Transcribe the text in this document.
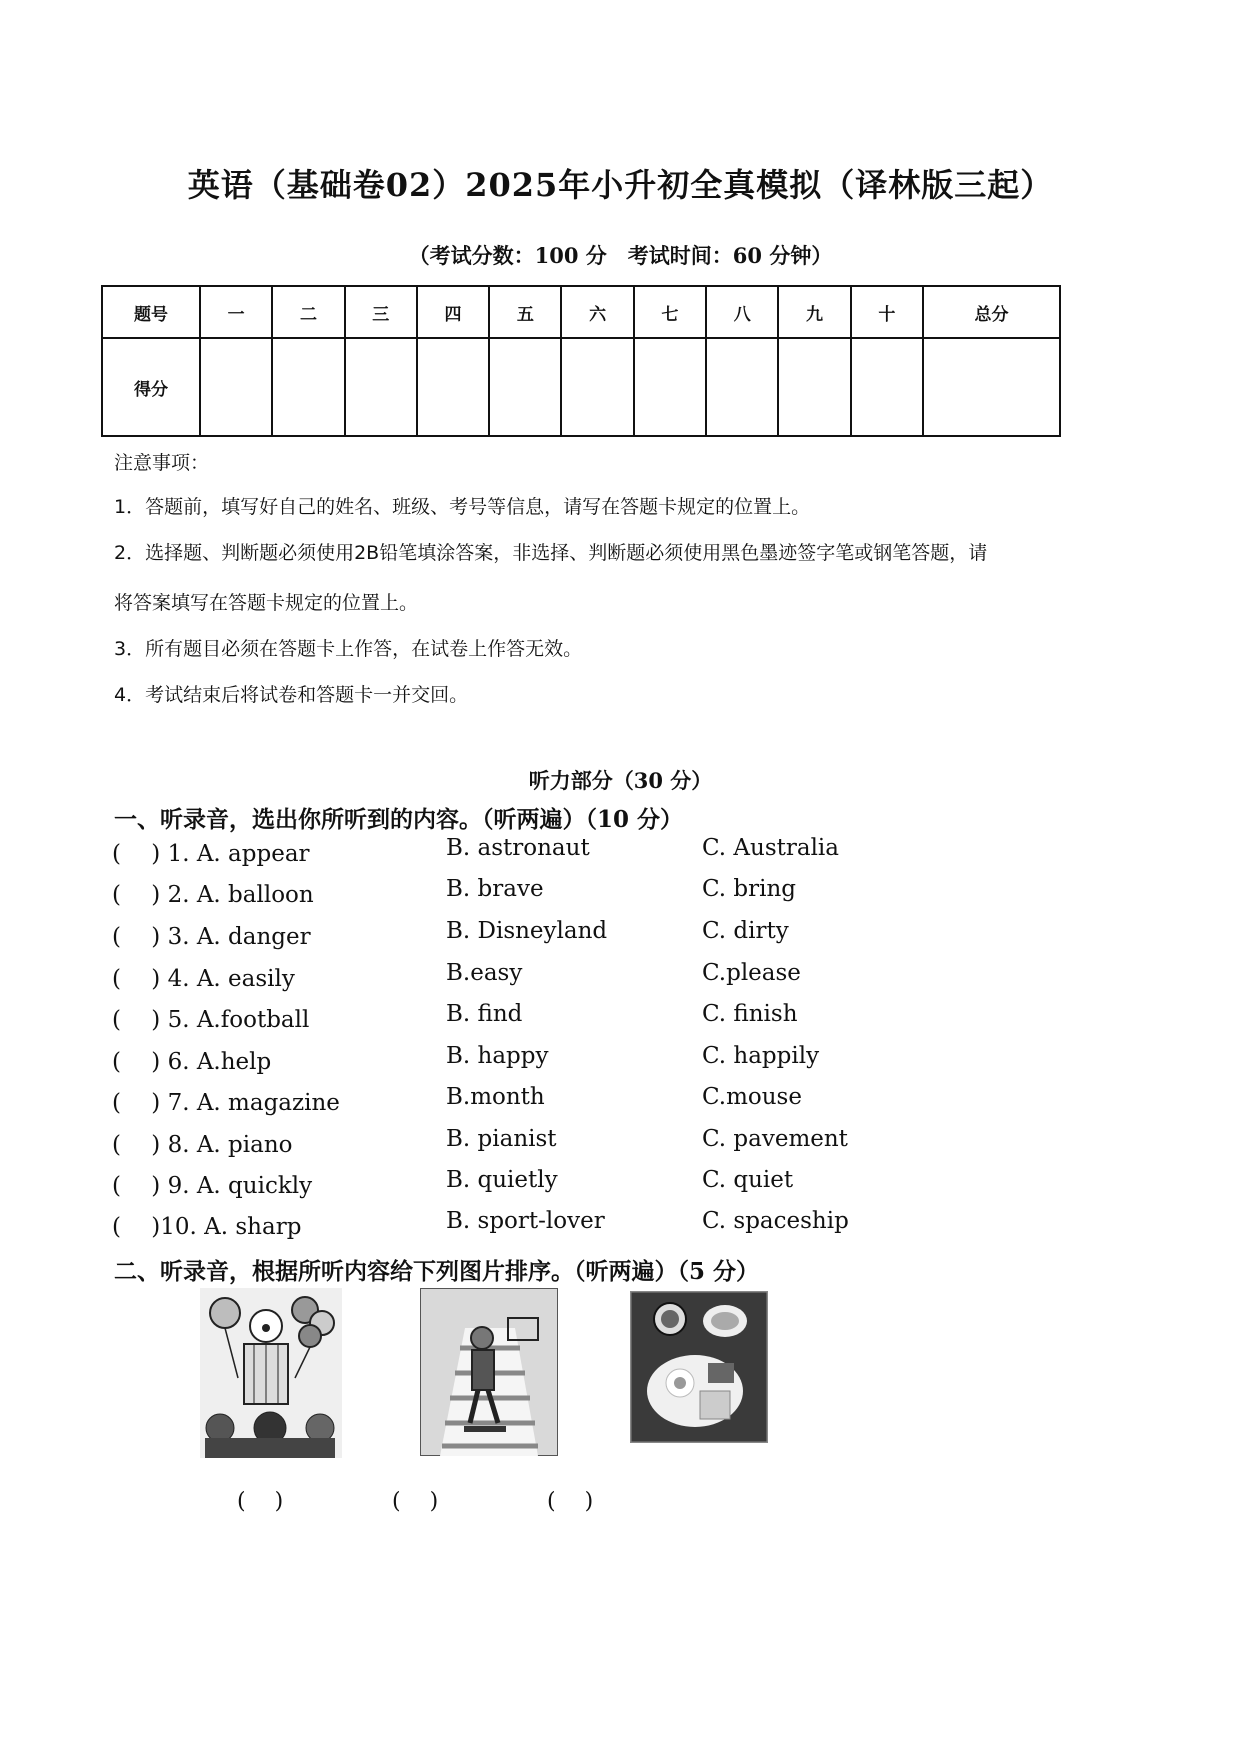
英语（基础卷02）2025年小升初全真模拟（译林版三起）
（考试分数：100 分　考试时间：60 分钟）
题号	一	二	三	四	五	六	七	八	九	十	总分
得分											
注意事项：
1．答题前，填写好自己的姓名、班级、考号等信息，请写在答题卡规定的位置上。
2．选择题、判断题必须使用2B铅笔填涂答案，非选择、判断题必须使用黑色墨迹签字笔或钢笔答题，请
将答案填写在答题卡规定的位置上。
3．所有题目必须在答题卡上作答，在试卷上作答无效。
4．考试结束后将试卷和答题卡一并交回。
听力部分（30 分）
一、听录音，选出你所听到的内容。（听两遍）（10 分）
(　 ) 1. A. appear	B. astronaut	C. Australia
(　 ) 2. A. balloon	B. brave	C. bring
(　 ) 3. A. danger	B. Disneyland	C. dirty
(　 ) 4. A. easily	B.easy	C.please
(　 ) 5. A.football	B. find	C. finish
(　 ) 6. A.help	B. happy	C. happily
(　 ) 7. A. magazine	B.month	C.mouse
(　 ) 8. A. piano	B. pianist	C. pavement
(　 ) 9. A. quickly	B. quietly	C. quiet
(　 )10. A. sharp	B. sport-lover	C. spaceship
二、听录音，根据所听内容给下列图片排序。（听两遍）（5 分）
(　 )	(　 )	(　 )
